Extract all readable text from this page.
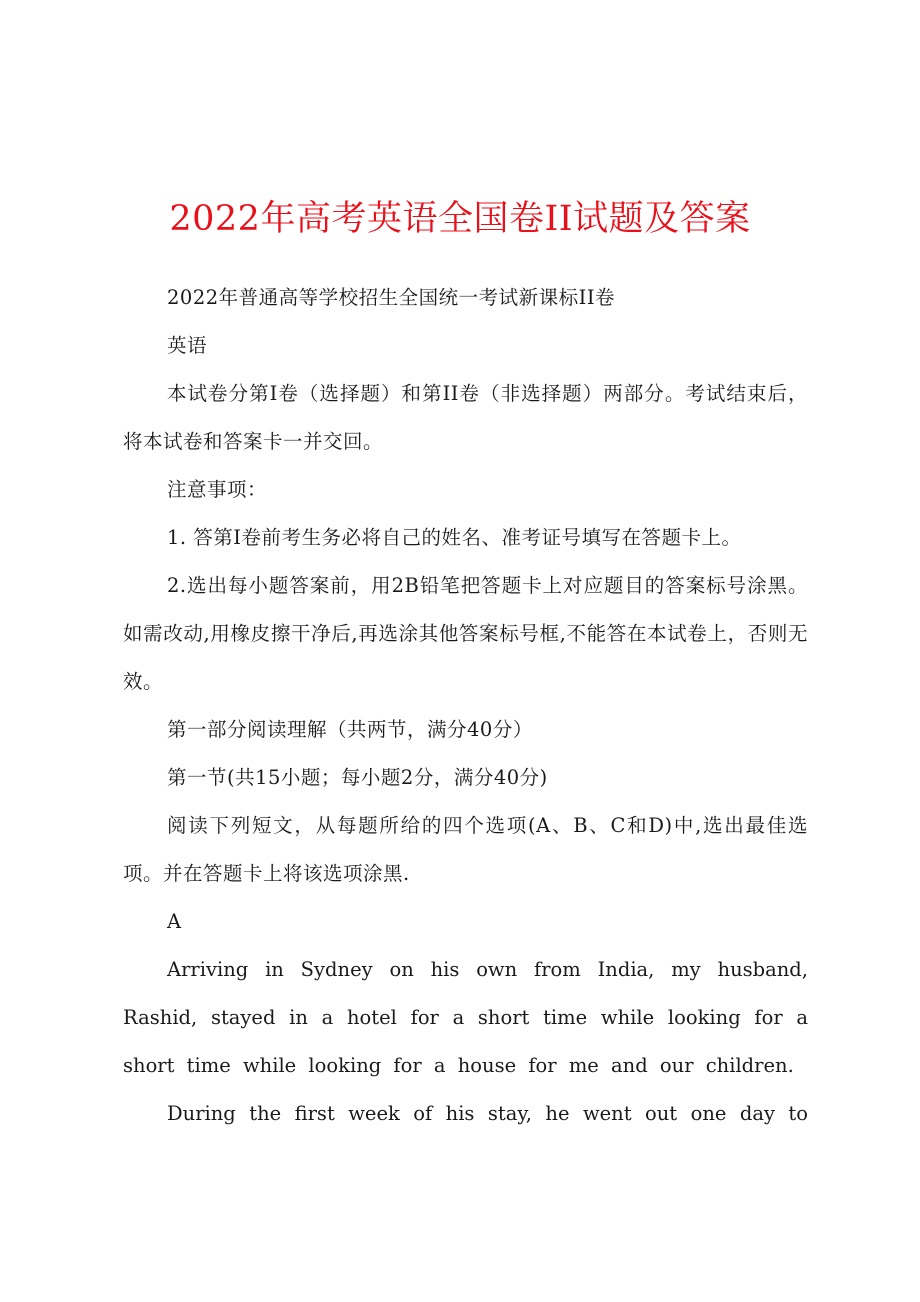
2022年高考英语全国卷II试题及答案

2022年普通高等学校招生全国统一考试新课标II卷

英语

本试卷分第I卷（选择题）和第II卷（非选择题）两部分。考试结束后，将本试卷和答案卡一并交回。

注意事项：

1. 答第I卷前考生务必将自己的姓名、准考证号填写在答题卡上。

2.选出每小题答案前，用2B铅笔把答题卡上对应题目的答案标号涂黑。如需改动,用橡皮擦干净后,再选涂其他答案标号框,不能答在本试卷上，否则无效。

第一部分阅读理解（共两节，满分40分）

第一节(共15小题；每小题2分，满分40分)

阅读下列短文，从每题所给的四个选项(A、B、C和D)中,选出最佳选项。并在答题卡上将该选项涂黑.

A

Arriving in Sydney on his own from India, my husband, Rashid, stayed in a hotel for a short time while looking for a short time while looking for a house for me and our children.

During the first week of his stay, he went out one day to
